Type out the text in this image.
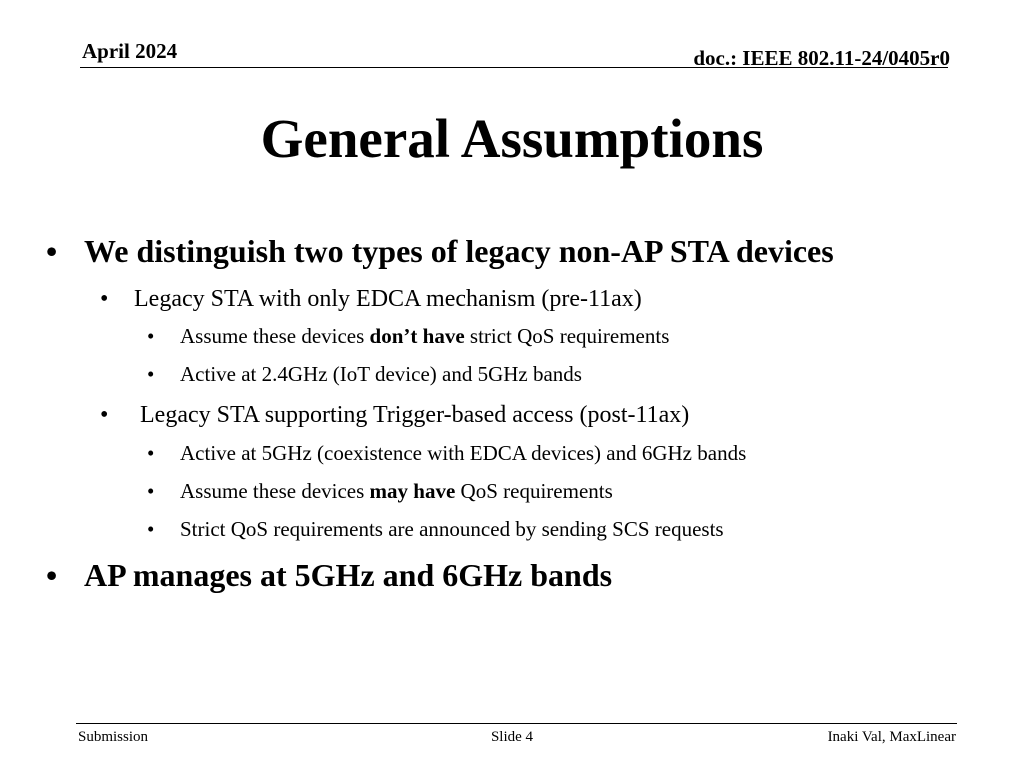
April 2024	doc.: IEEE 802.11-24/0405r0
General Assumptions
• We distinguish two types of legacy non-AP STA devices
• Legacy STA with only EDCA mechanism (pre-11ax)
• Assume these devices don’t have strict QoS requirements
• Active at 2.4GHz (IoT device) and 5GHz bands
• Legacy STA supporting Trigger-based access (post-11ax)
• Active at 5GHz (coexistence with EDCA devices) and 6GHz bands
• Assume these devices may have QoS requirements
• Strict QoS requirements are announced by sending SCS requests
• AP manages at 5GHz and 6GHz bands
Submission	Slide 4	Inaki Val, MaxLinear
